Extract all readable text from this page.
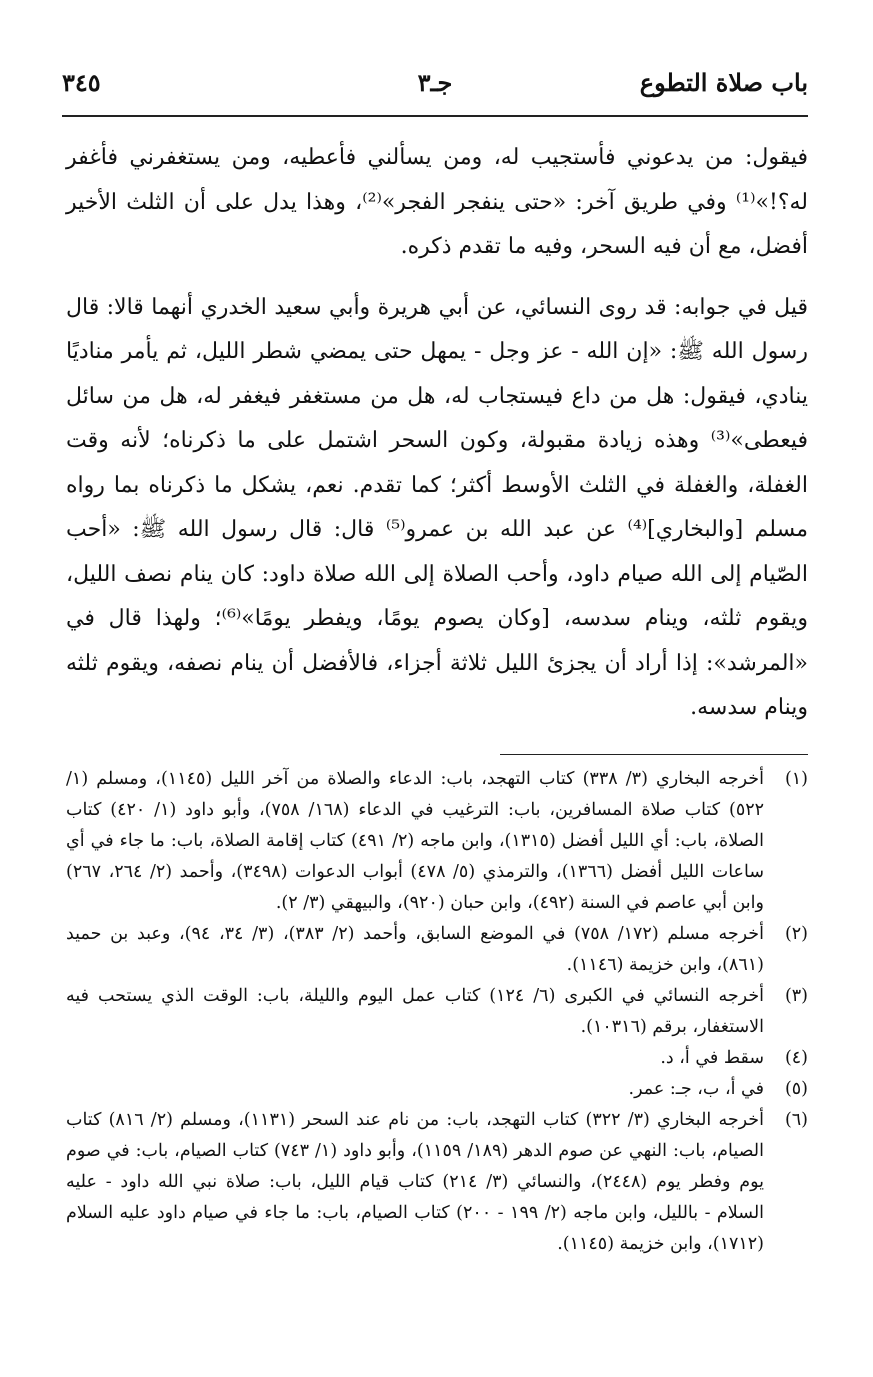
باب صلاة التطوع
جـ٣
٣٤٥

فيقول: من يدعوني فأستجيب له، ومن يسألني فأعطيه، ومن يستغفرني فأغفر له؟!»⁽¹⁾ وفي طريق آخر: «حتى ينفجر الفجر»⁽²⁾، وهذا يدل على أن الثلث الأخير أفضل، مع أن فيه السحر، وفيه ما تقدم ذكره.

قيل في جوابه: قد روى النسائي، عن أبي هريرة وأبي سعيد الخدري أنهما قالا: قال رسول الله ﷺ: «إن الله - عز وجل - يمهل حتى يمضي شطر الليل، ثم يأمر مناديًا ينادي، فيقول: هل من داع فيستجاب له، هل من مستغفر فيغفر له، هل من سائل فيعطى»⁽³⁾ وهذه زيادة مقبولة، وكون السحر اشتمل على ما ذكرناه؛ لأنه وقت الغفلة، والغفلة في الثلث الأوسط أكثر؛ كما تقدم. نعم، يشكل ما ذكرناه بما رواه مسلم [والبخاري]⁽⁴⁾ عن عبد الله بن عمرو⁽⁵⁾ قال: قال رسول الله ﷺ: «أحب الصّيام إلى الله صيام داود، وأحب الصلاة إلى الله صلاة داود: كان ينام نصف الليل، ويقوم ثلثه، وينام سدسه، [وكان يصوم يومًا، ويفطر يومًا»⁽⁶⁾؛ ولهذا قال في «المرشد»: إذا أراد أن يجزئ الليل ثلاثة أجزاء، فالأفضل أن ينام نصفه، ويقوم ثلثه وينام سدسه.

(١)
أخرجه البخاري (٣/ ٣٣٨) كتاب التهجد، باب: الدعاء والصلاة من آخر الليل (١١٤٥)، ومسلم (١/ ٥٢٢) كتاب صلاة المسافرين، باب: الترغيب في الدعاء (١٦٨/ ٧٥٨)، وأبو داود (١/ ٤٢٠) كتاب الصلاة، باب: أي الليل أفضل (١٣١٥)، وابن ماجه (٢/ ٤٩١) كتاب إقامة الصلاة، باب: ما جاء في أي ساعات الليل أفضل (١٣٦٦)، والترمذي (٥/ ٤٧٨) أبواب الدعوات (٣٤٩٨)، وأحمد (٢/ ٢٦٤، ٢٦٧) وابن أبي عاصم في السنة (٤٩٢)، وابن حبان (٩٢٠)، والبيهقي (٣/ ٢).
(٢)
أخرجه مسلم (١٧٢/ ٧٥٨) في الموضع السابق، وأحمد (٢/ ٣٨٣)، (٣/ ٣٤، ٩٤)، وعبد بن حميد (٨٦١)، وابن خزيمة (١١٤٦).
(٣)
أخرجه النسائي في الكبرى (٦/ ١٢٤) كتاب عمل اليوم والليلة، باب: الوقت الذي يستحب فيه الاستغفار، برقم (١٠٣١٦).
(٤)
سقط في أ، د.
(٥)
في أ، ب، جـ: عمر.
(٦)
أخرجه البخاري (٣/ ٣٢٢) كتاب التهجد، باب: من نام عند السحر (١١٣١)، ومسلم (٢/ ٨١٦) كتاب الصيام، باب: النهي عن صوم الدهر (١٨٩/ ١١٥٩)، وأبو داود (١/ ٧٤٣) كتاب الصيام، باب: في صوم يوم وفطر يوم (٢٤٤٨)، والنسائي (٣/ ٢١٤) كتاب قيام الليل، باب: صلاة نبي الله داود - عليه السلام - بالليل، وابن ماجه (٢/ ١٩٩ - ٢٠٠) كتاب الصيام، باب: ما جاء في صيام داود عليه السلام (١٧١٢)، وابن خزيمة (١١٤٥).
